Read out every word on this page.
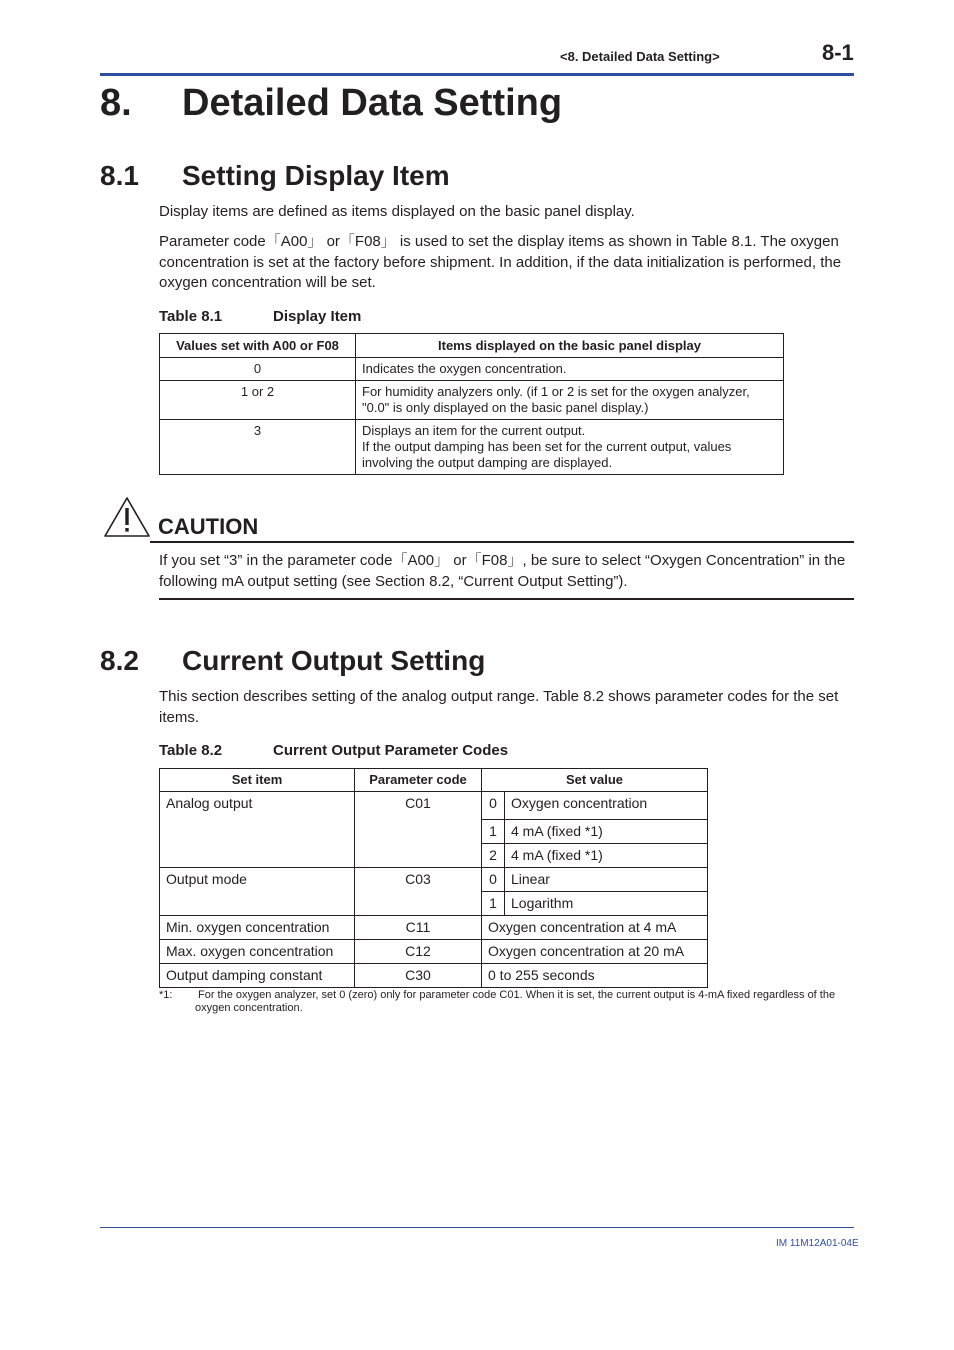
<8. Detailed Data Setting>	8-1
8. Detailed Data Setting
8.1 Setting Display Item
Display items are defined as items displayed on the basic panel display.
Parameter code「A00」 or「F08」 is used to set the display items as shown in Table 8.1. The oxygen concentration is set at the factory before shipment. In addition, if the data initialization is performed, the oxygen concentration will be set.
Table 8.1	Display Item
Values set with A00 or F08	Items displayed on the basic panel display
0	Indicates the oxygen concentration.
1 or 2	For humidity analyzers only. (if 1 or 2 is set for the oxygen analyzer, "0.0" is only displayed on the basic panel display.)
3	Displays an item for the current output.
If the output damping has been set for the current output, values involving the output damping are displayed.
CAUTION
If you set “3” in the parameter code「A00」 or「F08」, be sure to select “Oxygen Concentration” in the following mA output setting (see Section 8.2, “Current Output Setting”).
8.2 Current Output Setting
This section describes setting of the analog output range. Table 8.2 shows parameter codes for the set items.
Table 8.2	Current Output Parameter Codes
Set item	Parameter code	Set value	
Analog output	C01	0	Oxygen concentration
		1	4 mA (fixed *1)
		2	4 mA (fixed *1)
Output mode	C03	0	Linear
		1	Logarithm
Min. oxygen concentration	C11	Oxygen concentration at 4 mA	
Max. oxygen concentration	C12	Oxygen concentration at 20 mA	
Output damping constant	C30	0 to 255 seconds	
*1: For the oxygen analyzer, set 0 (zero) only for parameter code C01. When it is set, the current output is 4-mA fixed regardless of the oxygen concentration.
IM 11M12A01-04E
